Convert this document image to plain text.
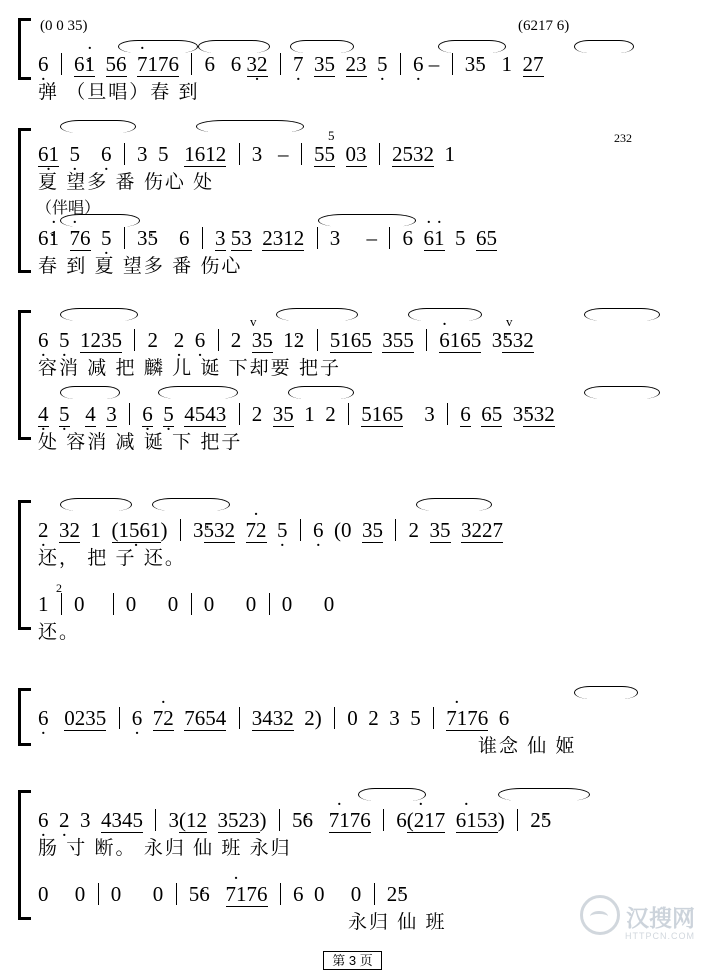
(0 0 35)	(6217 6)
6 · 6 ·· 1 56 · 7176 6 6 32 · 7 · 35 23 5 · 6 · – 3 ·5 1 27
弹 （旦唱）春 到
5	232
61 · 5 · 6 · 3 5 1612 3 – 55 03 2532 1
夏 望多 番 伤心 处
（伴唱）
6 ·· 1 · 76 5 · 3 ·5 6 3 53 2312 3 – 6 · 6· 1 5 65
春 到 夏 望多 番 伤心
v	v
6 · 5 · 1235 2 2 · 6 · 2 35 1 ·2 5165 355 · 6165 3 ·532
容消 减 把 麟 儿 诞 下却要 把子
4 · 5 · 4 3 6 · 5 · 4543 2 35 1 2 5165 3 6 65 3 ·532
处 容消 减 诞 下 把子
2 · 32 1 (1561 ·) 3 ·532 · 72 5 · 6 · (0 35 2 35 3227
还， 把 子 还。
2
1 0 0 0 0 0 0 0
还。
6 · 0235 6 · · 72 7654 3432 2) 0 2 3 5 · 7176 6
谁念 仙 姬
6 · 2 · 3 4345 3(12 3523) 5 ·6 · 7176 6· (217 · 6153) 2 ·5
肠 寸 断。 永归 仙 班 永归
0 0 0 0 5 ·6 · 7176 6 0 0 2 ·5
永归 仙 班	汉搜网
HTTPCN.COM
第 3 页
